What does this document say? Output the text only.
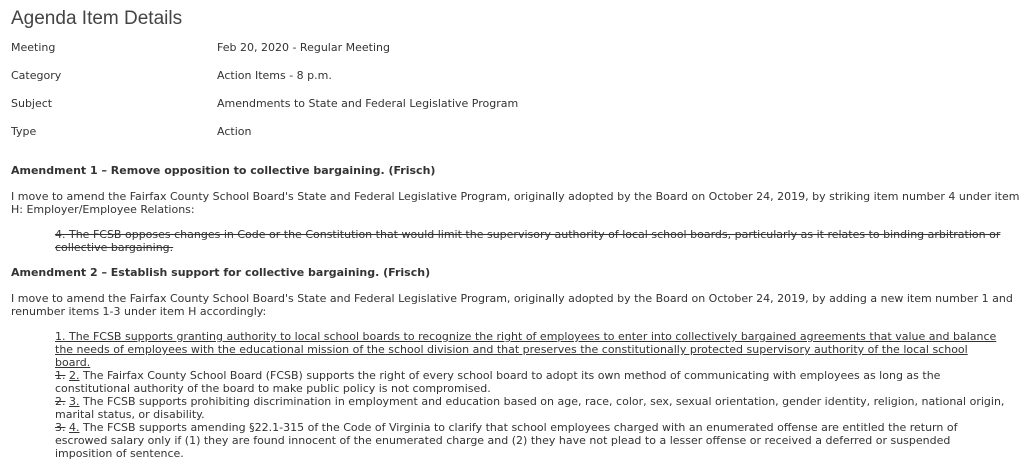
Agenda Item Details
Meeting	Feb 20, 2020 - Regular Meeting
Category	Action Items - 8 p.m.
Subject	Amendments to State and Federal Legislative Program
Type	Action
Amendment 1 – Remove opposition to collective bargaining. (Frisch)

I move to amend the Fairfax County School Board's State and Federal Legislative Program, originally adopted by the Board on October 24, 2019, by striking item number 4 under item H: Employer/Employee Relations:

4. The FCSB opposes changes in Code or the Constitution that would limit the supervisory authority of local school boards, particularly as it relates to binding arbitration or collective bargaining.

Amendment 2 – Establish support for collective bargaining. (Frisch)

I move to amend the Fairfax County School Board's State and Federal Legislative Program, originally adopted by the Board on October 24, 2019, by adding a new item number 1 and renumber items 1-3 under item H accordingly:

1. The FCSB supports granting authority to local school boards to recognize the right of employees to enter into collectively bargained agreements that value and balance the needs of employees with the educational mission of the school division and that preserves the constitutionally protected supervisory authority of the local school board.
1. 2. The Fairfax County School Board (FCSB) supports the right of every school board to adopt its own method of communicating with employees as long as the constitutional authority of the board to make public policy is not compromised.
2. 3. The FCSB supports prohibiting discrimination in employment and education based on age, race, color, sex, sexual orientation, gender identity, religion, national origin, marital status, or disability.
3. 4. The FCSB supports amending §22.1-315 of the Code of Virginia to clarify that school employees charged with an enumerated offense are entitled the return of escrowed salary only if (1) they are found innocent of the enumerated charge and (2) they have not plead to a lesser offense or received a deferred or suspended imposition of sentence.
